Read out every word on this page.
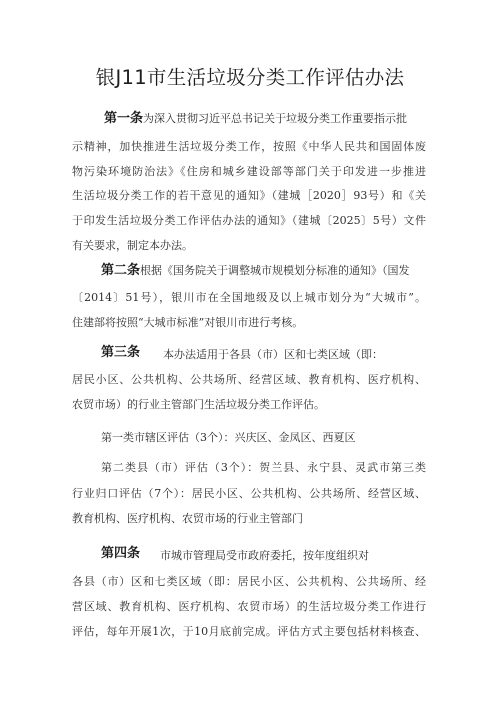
银J11市生活垃圾分类工作评估办法
第一条为深入贯彻习近平总书记关于垃圾分类工作重要指示批
示精神，加快推进生活垃圾分类工作，按照《中华人民共和国固体废
物污染环境防治法》《住房和城乡建设部等部门关于印发进一步推进
生活垃圾分类工作的若干意见的通知》（建城［2020］93号）和《关
于印发生活垃圾分类工作评估办法的通知》（建城〔2025〕5号）文件
有关要求，制定本办法。
第二条根据《国务院关于调整城市规模划分标准的通知》（国发
〔2014〕51号），银川市在全国地级及以上城市划分为“大城市”。
住建部将按照“大城市标准”对银川市进行考核。
第三条 本办法适用于各县（市）区和七类区域（即：
居民小区、公共机构、公共场所、经营区域、教育机构、医疗机构、
农贸市场）的行业主管部门生活垃圾分类工作评估。
第一类市辖区评估（3个）：兴庆区、金凤区、西夏区
第二类县（市）评估（3个）：贺兰县、永宁县、灵武市第三类
行业归口评估（7个）：居民小区、公共机构、公共场所、经营区域、
教育机构、医疗机构、农贸市场的行业主管部门
第四条 市城市管理局受市政府委托，按年度组织对
各县（市）区和七类区域（即：居民小区、公共机构、公共场所、经
营区域、教育机构、医疗机构、农贸市场）的生活垃圾分类工作进行
评估，每年开展1次，于10月底前完成。评估方式主要包括材料核查、
